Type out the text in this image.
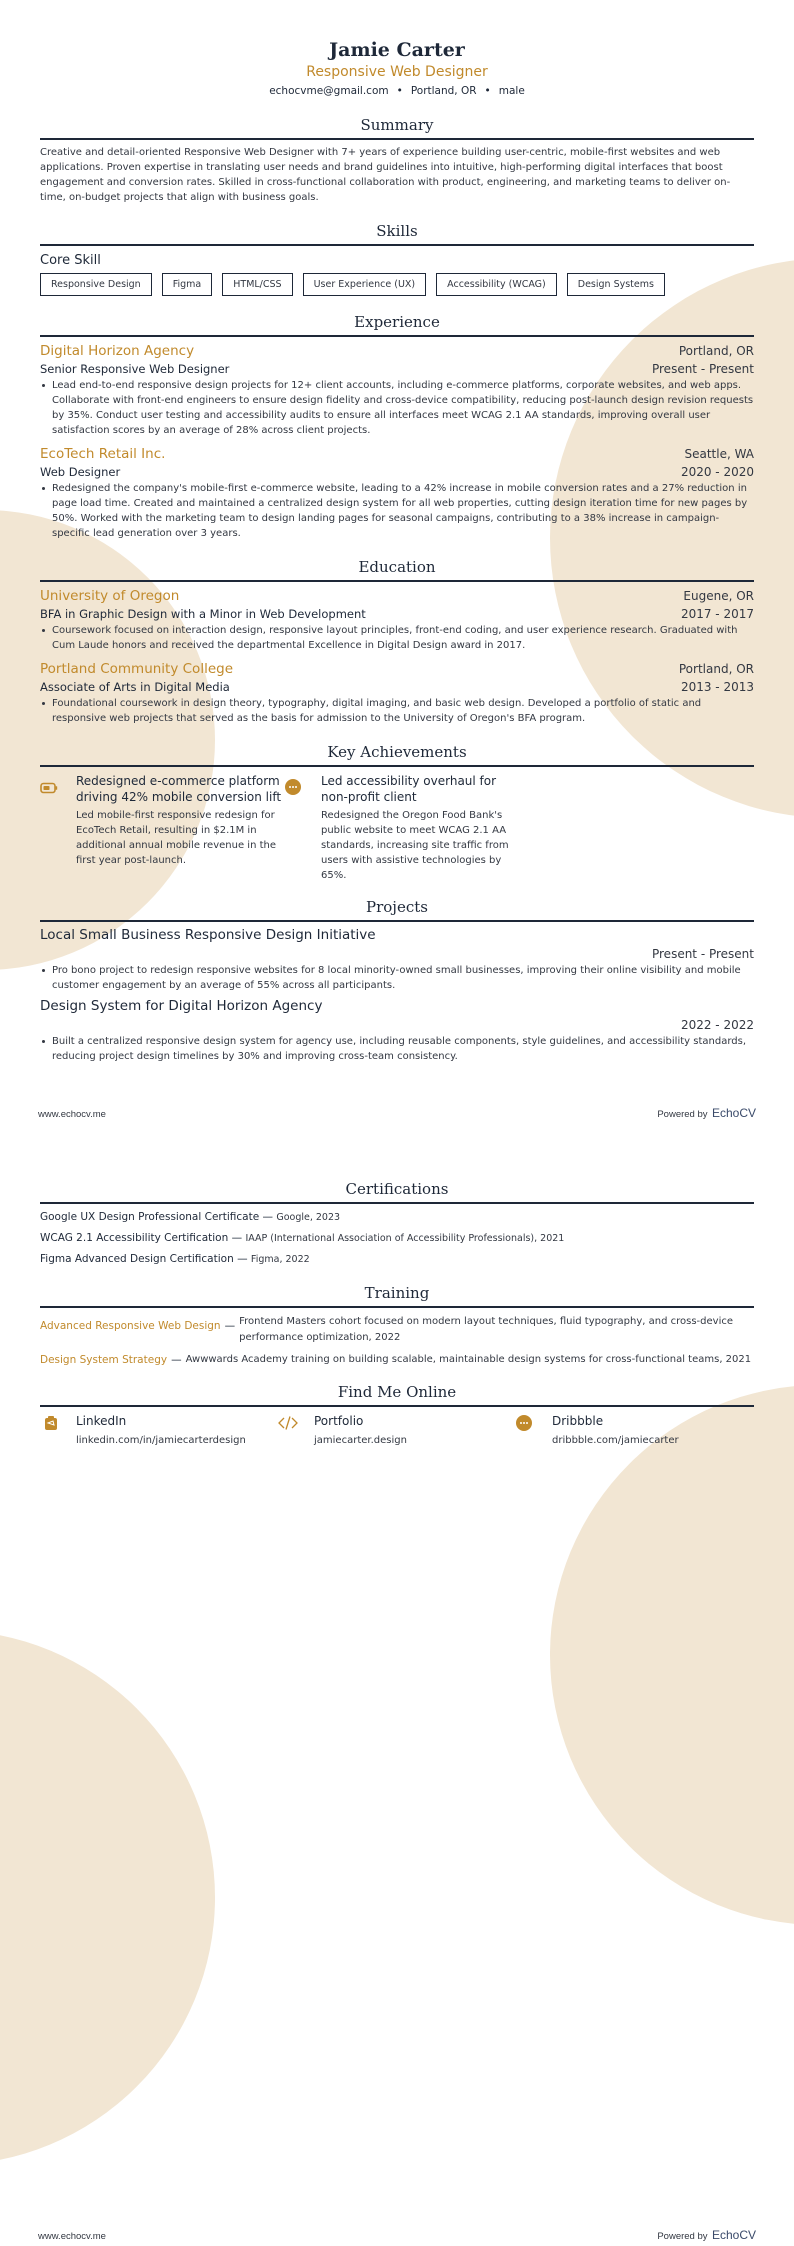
Jamie Carter
Responsive Web Designer
echocvme@gmail.com • Portland, OR • male
Summary
Creative and detail-oriented Responsive Web Designer with 7+ years of experience building user-centric, mobile-first websites and web applications. Proven expertise in translating user needs and brand guidelines into intuitive, high-performing digital interfaces that boost engagement and conversion rates. Skilled in cross-functional collaboration with product, engineering, and marketing teams to deliver on-time, on-budget projects that align with business goals.
Skills
Core Skill
Responsive Design	Figma	HTML/CSS	User Experience (UX)	Accessibility (WCAG)	Design Systems
Experience
Digital Horizon Agency	Portland, OR
Senior Responsive Web Designer	Present - Present
Lead end-to-end responsive design projects for 12+ client accounts, including e-commerce platforms, corporate websites, and web apps. Collaborate with front-end engineers to ensure design fidelity and cross-device compatibility, reducing post-launch design revision requests by 35%. Conduct user testing and accessibility audits to ensure all interfaces meet WCAG 2.1 AA standards, improving overall user satisfaction scores by an average of 28% across client projects.
EcoTech Retail Inc.	Seattle, WA
Web Designer	2020 - 2020
Redesigned the company's mobile-first e-commerce website, leading to a 42% increase in mobile conversion rates and a 27% reduction in page load time. Created and maintained a centralized design system for all web properties, cutting design iteration time for new pages by 50%. Worked with the marketing team to design landing pages for seasonal campaigns, contributing to a 38% increase in campaign-specific lead generation over 3 years.
Education
University of Oregon	Eugene, OR
BFA in Graphic Design with a Minor in Web Development	2017 - 2017
Coursework focused on interaction design, responsive layout principles, front-end coding, and user experience research. Graduated with Cum Laude honors and received the departmental Excellence in Digital Design award in 2017.
Portland Community College	Portland, OR
Associate of Arts in Digital Media	2013 - 2013
Foundational coursework in design theory, typography, digital imaging, and basic web design. Developed a portfolio of static and responsive web projects that served as the basis for admission to the University of Oregon's BFA program.
Key Achievements
Redesigned e-commerce platform driving 42% mobile conversion lift
Led mobile-first responsive redesign for EcoTech Retail, resulting in $2.1M in additional annual mobile revenue in the first year post-launch.
Led accessibility overhaul for non-profit client
Redesigned the Oregon Food Bank's public website to meet WCAG 2.1 AA standards, increasing site traffic from users with assistive technologies by 65%.
Projects
Local Small Business Responsive Design Initiative
Present - Present
Pro bono project to redesign responsive websites for 8 local minority-owned small businesses, improving their online visibility and mobile customer engagement by an average of 55% across all participants.
Design System for Digital Horizon Agency
2022 - 2022
Built a centralized responsive design system for agency use, including reusable components, style guidelines, and accessibility standards, reducing project design timelines by 30% and improving cross-team consistency.
www.echocv.me	Powered by EchoCV
Certifications
Google UX Design Professional Certificate — Google, 2023
WCAG 2.1 Accessibility Certification — IAAP (International Association of Accessibility Professionals), 2021
Figma Advanced Design Certification — Figma, 2022
Training
Advanced Responsive Web Design — Frontend Masters cohort focused on modern layout techniques, fluid typography, and cross-device performance optimization, 2022
Design System Strategy — Awwwards Academy training on building scalable, maintainable design systems for cross-functional teams, 2021
Find Me Online
LinkedIn
linkedin.com/in/jamiecarterdesign
Portfolio
jamiecarter.design
Dribbble
dribbble.com/jamiecarter
www.echocv.me	Powered by EchoCV
